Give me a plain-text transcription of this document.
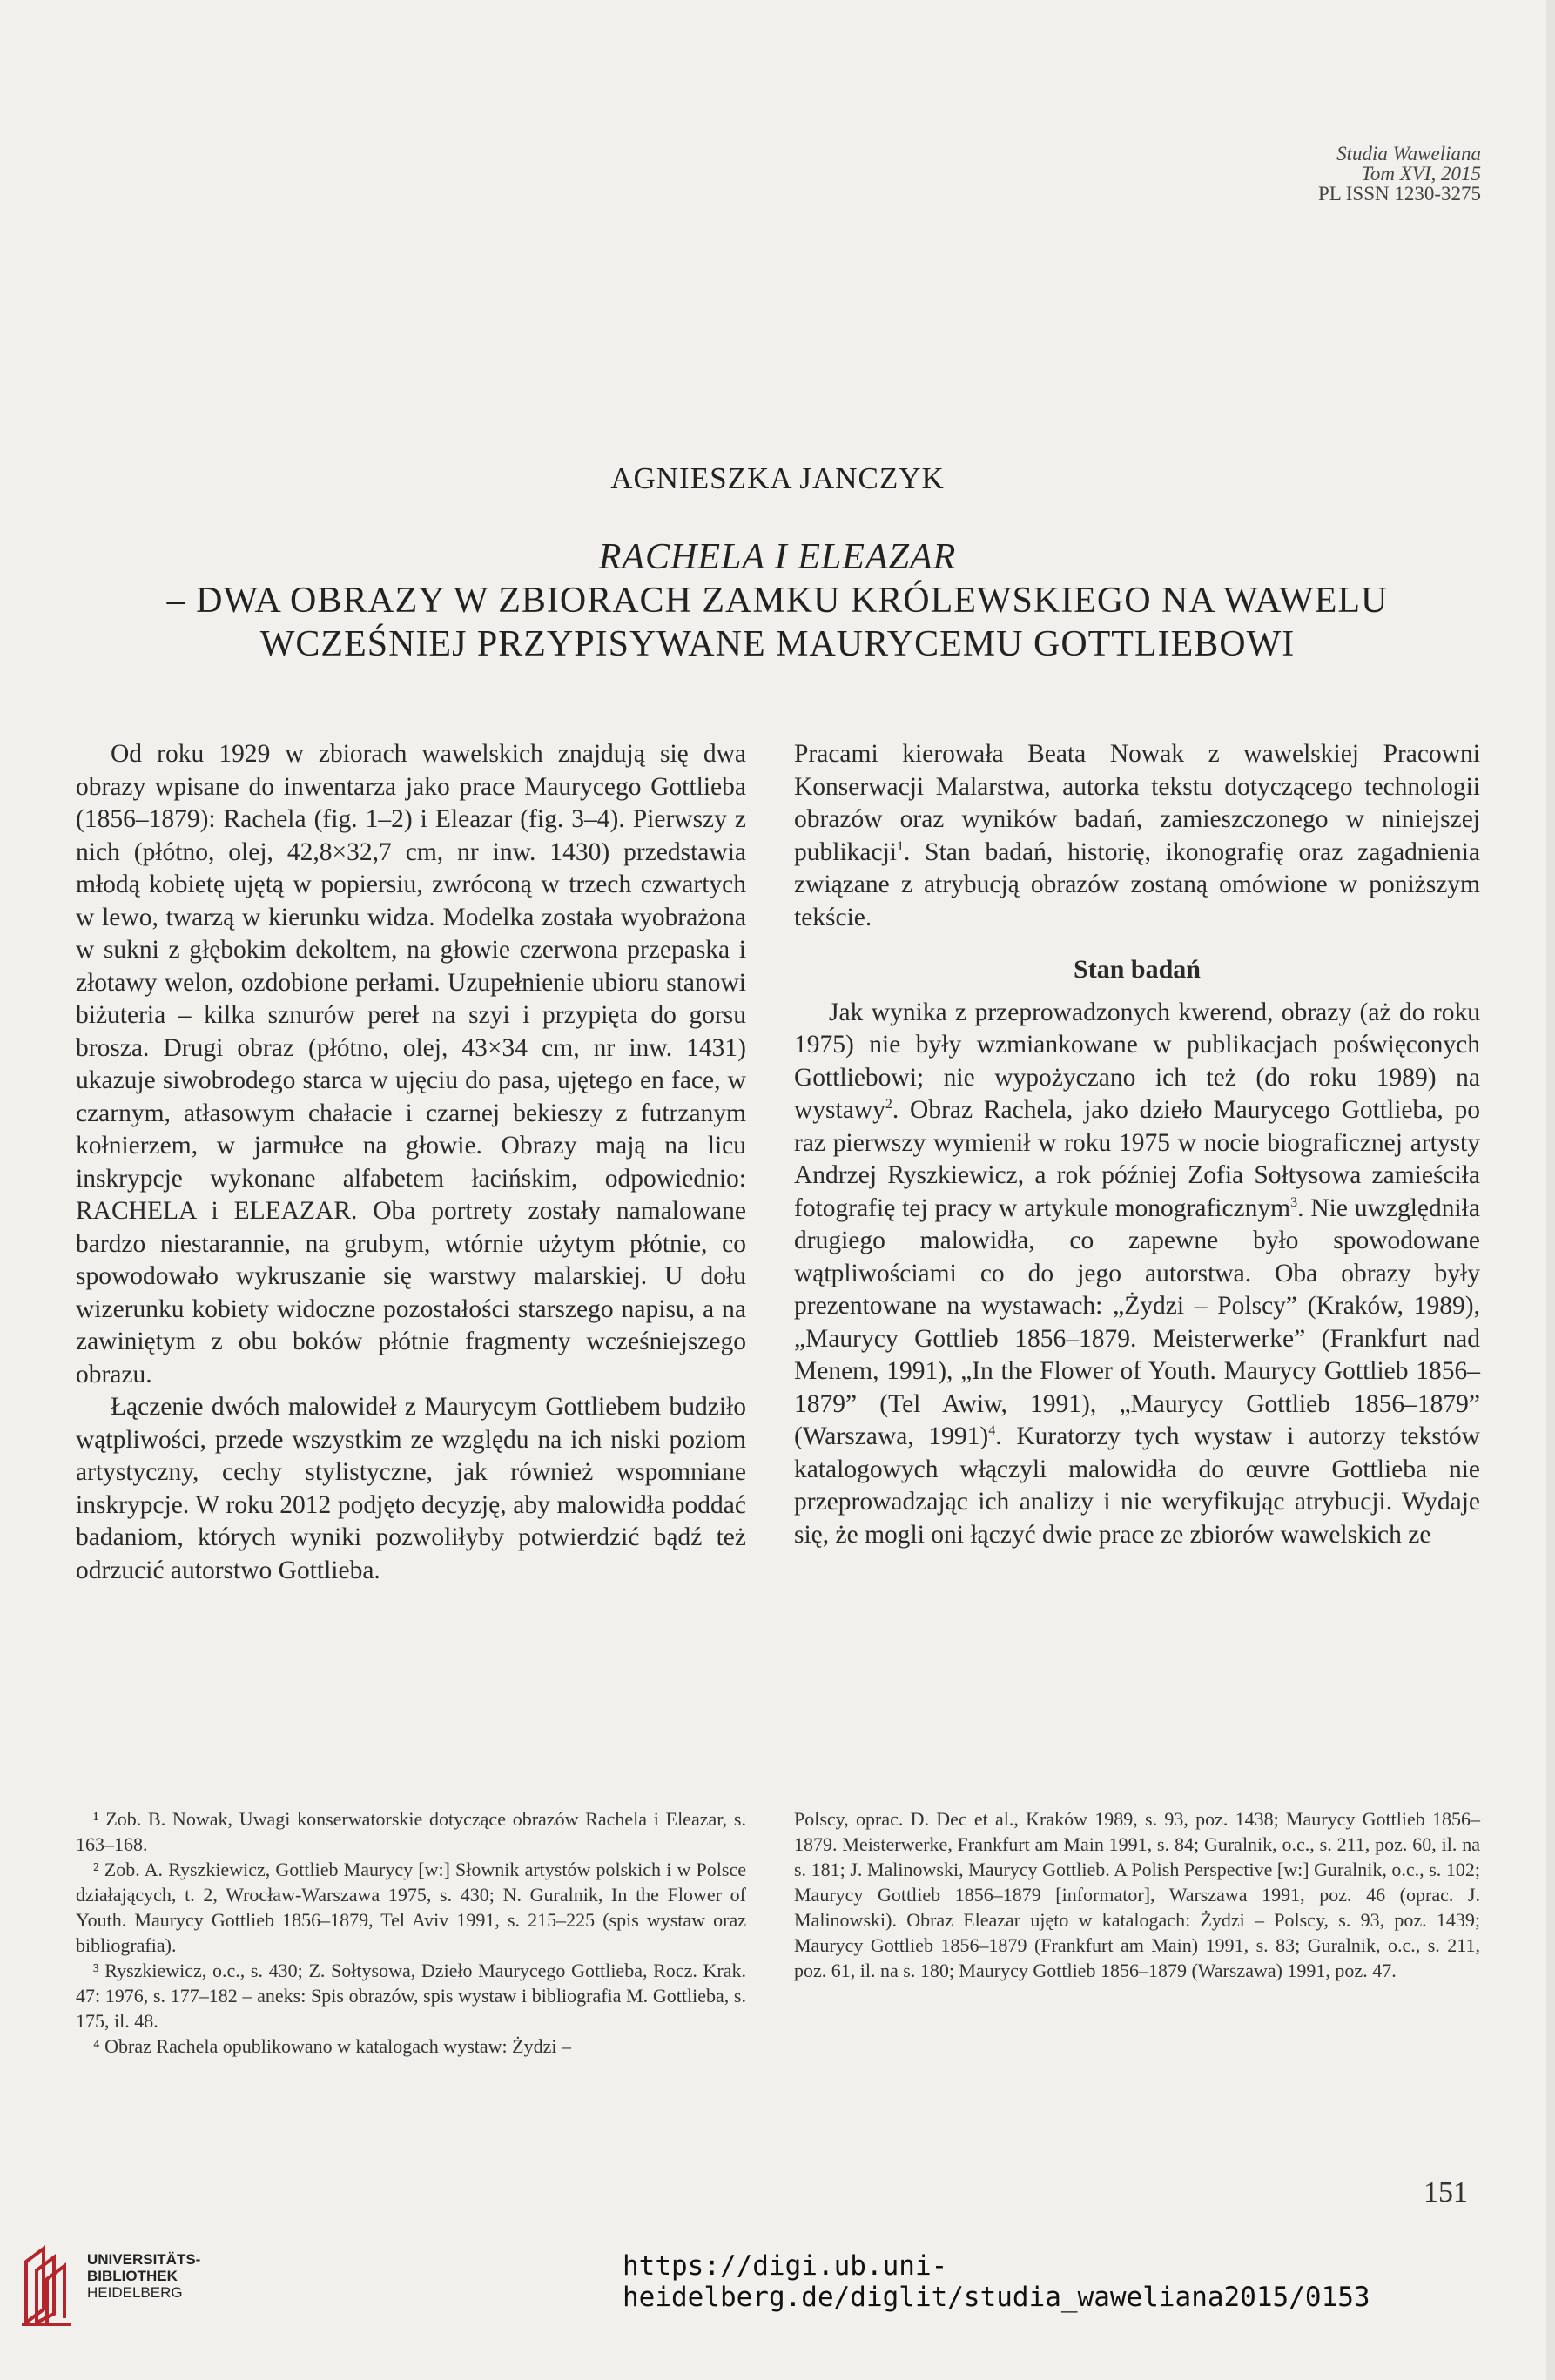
Studia Waweliana
Tom XVI, 2015
PL ISSN 1230-3275
AGNIESZKA JANCZYK
RACHELA I ELEAZAR
– DWA OBRAZY W ZBIORACH ZAMKU KRÓLEWSKIEGO NA WAWELU
WCZEŚNIEJ PRZYPISYWANE MAURYCEMU GOTTLIEBOWI

Od roku 1929 w zbiorach wawelskich znajdują się dwa obrazy wpisane do inwentarza jako prace Maurycego Gottlieba (1856–1879): Rachela (fig. 1–2) i Eleazar (fig. 3–4). Pierwszy z nich (płótno, olej, 42,8×32,7 cm, nr inw. 1430) przedstawia młodą kobietę ujętą w popiersiu, zwróconą w trzech czwartych w lewo, twarzą w kierunku widza. Modelka została wyobrażona w sukni z głębokim dekoltem, na głowie czerwona przepaska i złotawy welon, ozdobione perłami. Uzupełnienie ubioru stanowi biżuteria – kilka sznurów pereł na szyi i przypięta do gorsu brosza. Drugi obraz (płótno, olej, 43×34 cm, nr inw. 1431) ukazuje siwobrodego starca w ujęciu do pasa, ujętego en face, w czarnym, atłasowym chałacie i czarnej bekieszy z futrzanym kołnierzem, w jarmułce na głowie. Obrazy mają na licu inskrypcje wykonane alfabetem łacińskim, odpowiednio: RACHELA i ELEAZAR. Oba portrety zostały namalowane bardzo niestarannie, na grubym, wtórnie użytym płótnie, co spowodowało wykruszanie się warstwy malarskiej. U dołu wizerunku kobiety widoczne pozostałości starszego napisu, a na zawiniętym z obu boków płótnie fragmenty wcześniejszego obrazu.

Łączenie dwóch malowideł z Maurycym Gottliebem budziło wątpliwości, przede wszystkim ze względu na ich niski poziom artystyczny, cechy stylistyczne, jak również wspomniane inskrypcje. W roku 2012 podjęto decyzję, aby malowidła poddać badaniom, których wyniki pozwoliłyby potwierdzić bądź też odrzucić autorstwo Gottlieba.

Pracami kierowała Beata Nowak z wawelskiej Pracowni Konserwacji Malarstwa, autorka tekstu dotyczącego technologii obrazów oraz wyników badań, zamieszczonego w niniejszej publikacji$^1$. Stan badań, historię, ikonografię oraz zagadnienia związane z atrybucją obrazów zostaną omówione w poniższym tekście.

Stan badań

Jak wynika z przeprowadzonych kwerend, obrazy (aż do roku 1975) nie były wzmiankowane w publikacjach poświęconych Gottliebowi; nie wypożyczano ich też (do roku 1989) na wystawy$^2$. Obraz Rachela, jako dzieło Maurycego Gottlieba, po raz pierwszy wymienił w roku 1975 w nocie biograficznej artysty Andrzej Ryszkiewicz, a rok później Zofia Sołtysowa zamieściła fotografię tej pracy w artykule monograficznym$^3$. Nie uwzględniła drugiego malowidła, co zapewne było spowodowane wątpliwościami co do jego autorstwa. Oba obrazy były prezentowane na wystawach: „Żydzi – Polscy” (Kraków, 1989), „Maurycy Gottlieb 1856–1879. Meisterwerke” (Frankfurt nad Menem, 1991), „In the Flower of Youth. Maurycy Gottlieb 1856–1879” (Tel Awiw, 1991), „Maurycy Gottlieb 1856–1879” (Warszawa, 1991)$^4$. Kuratorzy tych wystaw i autorzy tekstów katalogowych włączyli malowidła do œuvre Gottlieba nie przeprowadzając ich analizy i nie weryfikując atrybucji. Wydaje się, że mogli oni łączyć dwie prace ze zbiorów wawelskich ze

¹ Zob. B. Nowak, Uwagi konserwatorskie dotyczące obrazów Rachela i Eleazar, s. 163–168.

² Zob. A. Ryszkiewicz, Gottlieb Maurycy [w:] Słownik artystów polskich i w Polsce działających, t. 2, Wrocław-Warszawa 1975, s. 430; N. Guralnik, In the Flower of Youth. Maurycy Gottlieb 1856–1879, Tel Aviv 1991, s. 215–225 (spis wystaw oraz bibliografia).

³ Ryszkiewicz, o.c., s. 430; Z. Sołtysowa, Dzieło Maurycego Gottlieba, Rocz. Krak. 47: 1976, s. 177–182 – aneks: Spis obrazów, spis wystaw i bibliografia M. Gottlieba, s. 175, il. 48.

⁴ Obraz Rachela opublikowano w katalogach wystaw: Żydzi –

Polscy, oprac. D. Dec et al., Kraków 1989, s. 93, poz. 1438; Maurycy Gottlieb 1856–1879. Meisterwerke, Frankfurt am Main 1991, s. 84; Guralnik, o.c., s. 211, poz. 60, il. na s. 181; J. Malinowski, Maurycy Gottlieb. A Polish Perspective [w:] Guralnik, o.c., s. 102; Maurycy Gottlieb 1856–1879 [informator], Warszawa 1991, poz. 46 (oprac. J. Malinowski). Obraz Eleazar ujęto w katalogach: Żydzi – Polscy, s. 93, poz. 1439; Maurycy Gottlieb 1856–1879 (Frankfurt am Main) 1991, s. 83; Guralnik, o.c., s. 211, poz. 61, il. na s. 180; Maurycy Gottlieb 1856–1879 (Warszawa) 1991, poz. 47.

151
UNIVERSITÄTS-
BIBLIOTHEK
HEIDELBERG
https://digi.ub.uni-heidelberg.de/diglit/studia_waweliana2015/0153
